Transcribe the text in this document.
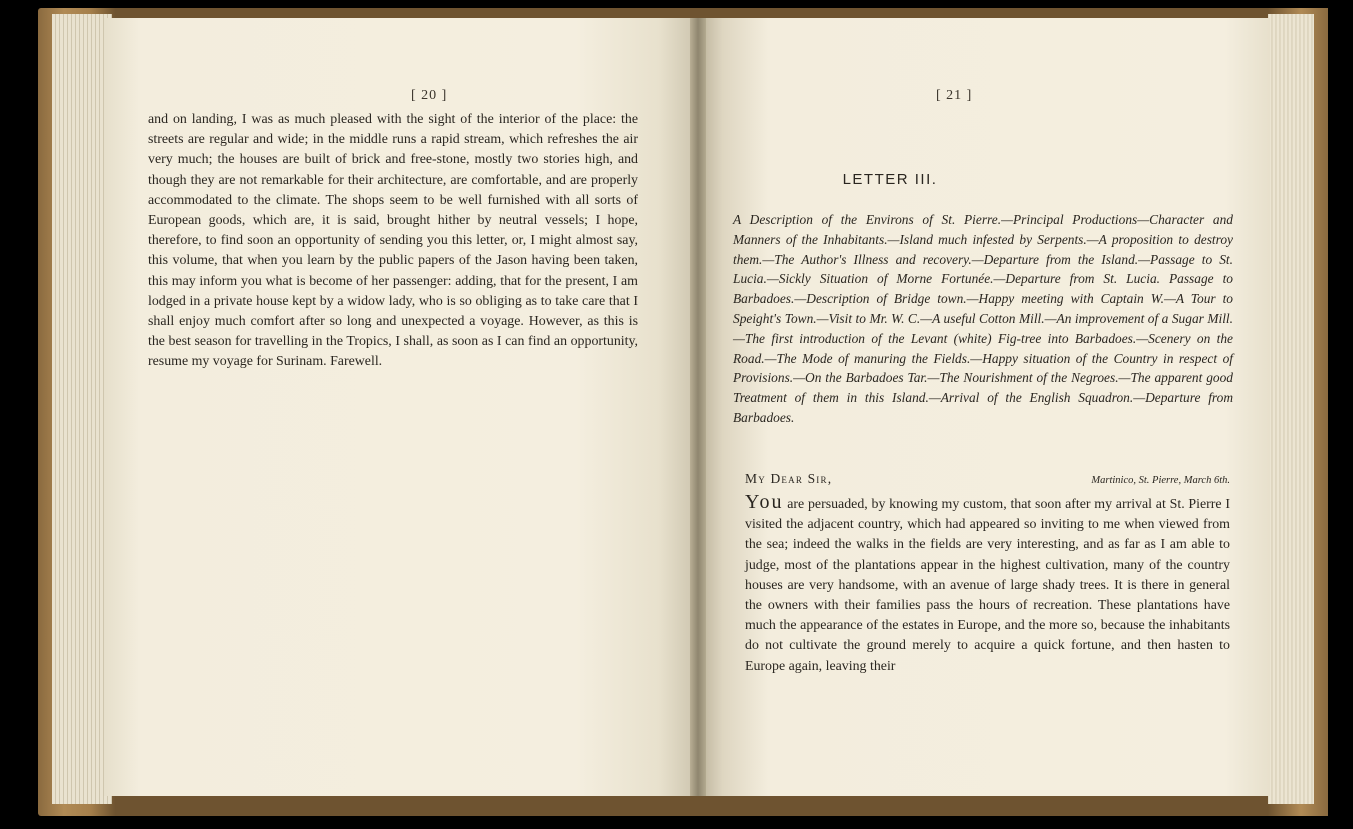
[ 20 ]

and on landing, I was as much pleased with the sight of the interior of the place: the streets are regular and wide; in the middle runs a rapid stream, which refreshes the air very much; the houses are built of brick and free-stone, mostly two stories high, and though they are not remarkable for their architecture, are comfortable, and are properly accommodated to the climate. The shops seem to be well furnished with all sorts of European goods, which are, it is said, brought hither by neutral vessels; I hope, therefore, to find soon an opportunity of sending you this letter, or, I might almost say, this volume, that when you learn by the public papers of the Jason having been taken, this may inform you what is become of her passenger: adding, that for the present, I am lodged in a private house kept by a widow lady, who is so obliging as to take care that I shall enjoy much comfort after so long and unexpected a voyage. However, as this is the best season for travelling in the Tropics, I shall, as soon as I can find an opportunity, resume my voyage for Surinam. Farewell.

[ 21 ]
LETTER III.
A Description of the Environs of St. Pierre.—Principal Productions—Character and Manners of the Inhabitants.—Island much infested by Serpents.—A proposition to destroy them.—The Author's Illness and recovery.—Departure from the Island.—Passage to St. Lucia.—Sickly Situation of Morne Fortunée.—Departure from St. Lucia. Passage to Barbadoes.—Description of Bridge town.—Happy meeting with Captain W.—A Tour to Speight's Town.—Visit to Mr. W. C.—A useful Cotton Mill.—An improvement of a Sugar Mill.—The first introduction of the Levant (white) Fig-tree into Barbadoes.—Scenery on the Road.—The Mode of manuring the Fields.—Happy situation of the Country in respect of Provisions.—On the Barbadoes Tar.—The Nourishment of the Negroes.—The apparent good Treatment of them in this Island.—Arrival of the English Squadron.—Departure from Barbadoes.
My Dear Sir,	Martinico, St. Pierre, March 6th.

You are persuaded, by knowing my custom, that soon after my arrival at St. Pierre I visited the adjacent country, which had appeared so inviting to me when viewed from the sea; indeed the walks in the fields are very interesting, and as far as I am able to judge, most of the plantations appear in the highest cultivation, many of the country houses are very handsome, with an avenue of large shady trees. It is there in general the owners with their families pass the hours of recreation. These plantations have much the appearance of the estates in Europe, and the more so, because the inhabitants do not cultivate the ground merely to acquire a quick fortune, and then hasten to Europe again, leaving their
